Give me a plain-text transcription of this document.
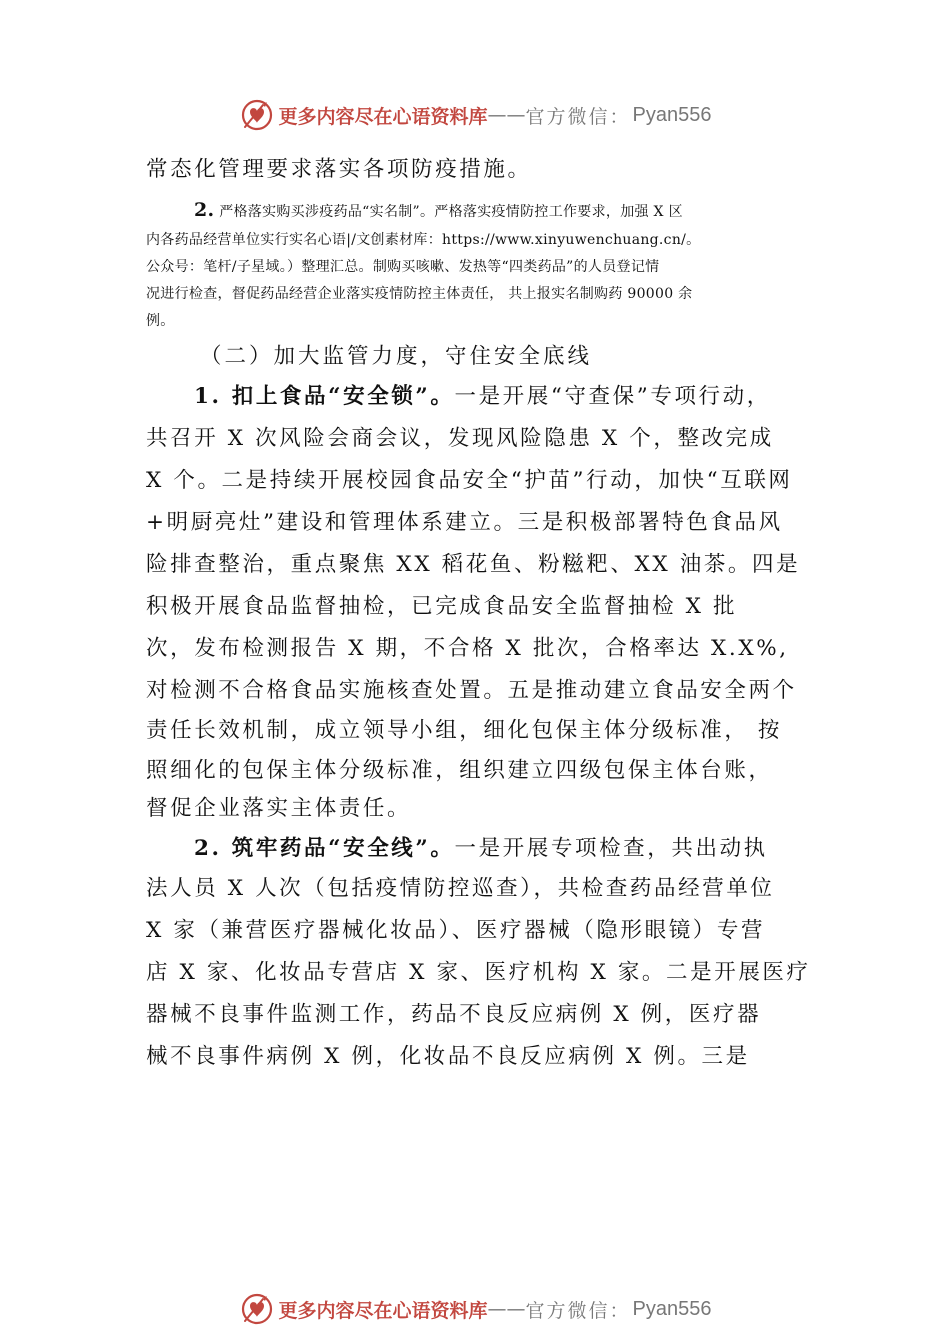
更多内容尽在心语资料库 —— 官方微信： Pyan556
常态化管理要求落实各项防疫措施。
2. 严格落实购买涉疫药品“实名制”。严格落实疫情防控工作要求，加强 X 区
内各药品经营单位实行实名心语|/文创素材库：https://www.xinyuwenchuang.cn/。
公众号：笔杆/子星域。）整理汇总。制购买咳嗽、发热等“四类药品”的人员登记情
况进行检查，督促药品经营企业落实疫情防控主体责任， 共上报实名制购药 90000 余
例。
（二）加大监管力度，守住安全底线
1. 扣上食品“安全锁”。一是开展“守查保”专项行动，
共召开 X 次风险会商会议，发现风险隐患 X 个，整改完成
X 个。二是持续开展校园食品安全“护苗”行动，加快“互联网
+明厨亮灶”建设和管理体系建立。三是积极部署特色食品风
险排查整治，重点聚焦 XX 稻花鱼、粉糍粑、XX 油茶。四是
积极开展食品监督抽检，已完成食品安全监督抽检 X 批
次，发布检测报告 X 期，不合格 X 批次，合格率达 X.X%,
对检测不合格食品实施核查处置。五是推动建立食品安全两个
责任长效机制，成立领导小组，细化包保主体分级标准， 按
照细化的包保主体分级标准，组织建立四级包保主体台账，
督促企业落实主体责任。
2. 筑牢药品“安全线”。一是开展专项检查，共出动执
法人员 X 人次（包括疫情防控巡查），共检查药品经营单位
X 家（兼营医疗器械化妆品）、医疗器械（隐形眼镜）专营
店 X 家、化妆品专营店 X 家、医疗机构 X 家。二是开展医疗
器械不良事件监测工作，药品不良反应病例 X 例，医疗器
械不良事件病例 X 例，化妆品不良反应病例 X 例。三是
更多内容尽在心语资料库 —— 官方微信： Pyan556
